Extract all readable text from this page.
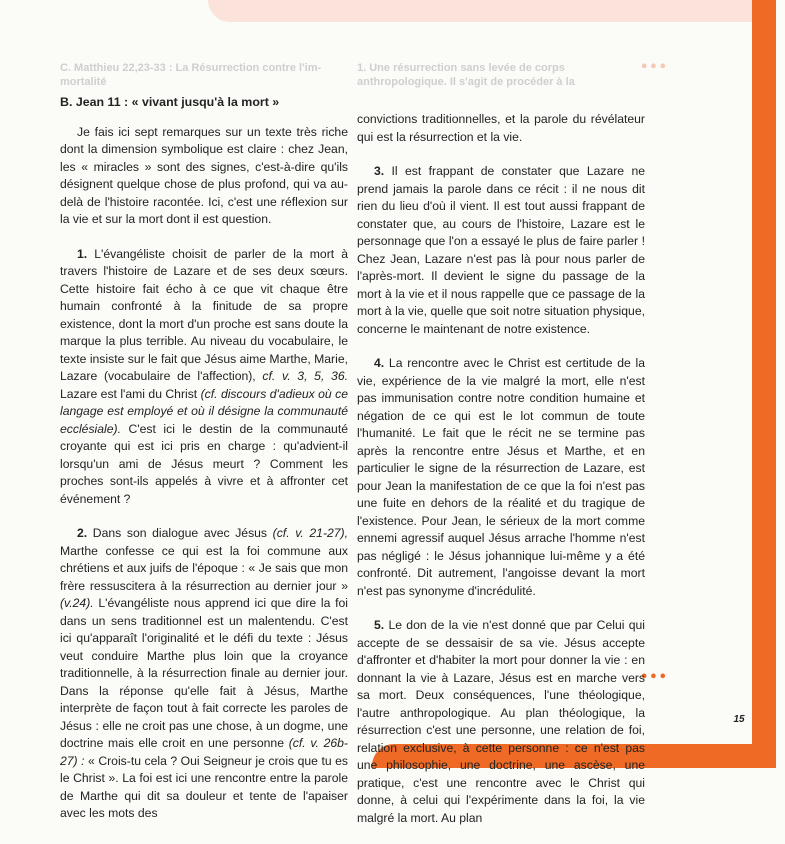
C. Matthieu 22,23-33 : La Résurrection contre l'im-
mortalité
1. Une résurrection sans levée de corps
anthropologique. Il s'agit de procéder à la
•••
•••
B. Jean 11 : « vivant jusqu'à la mort »

Je fais ici sept remarques sur un texte très riche dont la dimension symbolique est claire : chez Jean, les « miracles » sont des signes, c'est-à-dire qu'ils désignent quelque chose de plus profond, qui va au-delà de l'histoire racontée. Ici, c'est une réflexion sur la vie et sur la mort dont il est question.

1. L'évangéliste choisit de parler de la mort à travers l'histoire de Lazare et de ses deux sœurs. Cette histoire fait écho à ce que vit chaque être humain confronté à la finitude de sa propre existence, dont la mort d'un proche est sans doute la marque la plus terrible. Au niveau du vocabulaire, le texte insiste sur le fait que Jésus aime Marthe, Marie, Lazare (vocabulaire de l'affection), cf. v. 3, 5, 36. Lazare est l'ami du Christ (cf. discours d'adieux où ce langage est employé et où il désigne la communauté ecclésiale). C'est ici le destin de la communauté croyante qui est ici pris en charge : qu'advient-il lorsqu'un ami de Jésus meurt ? Comment les proches sont-ils appelés à vivre et à affronter cet événement ?

2. Dans son dialogue avec Jésus (cf. v. 21-27), Marthe confesse ce qui est la foi commune aux chrétiens et aux juifs de l'époque : « Je sais que mon frère ressuscitera à la résurrection au dernier jour » (v.24). L'évangéliste nous apprend ici que dire la foi dans un sens traditionnel est un malentendu. C'est ici qu'apparaît l'originalité et le défi du texte : Jésus veut conduire Marthe plus loin que la croyance traditionnelle, à la résurrection finale au dernier jour. Dans la réponse qu'elle fait à Jésus, Marthe interprète de façon tout à fait correcte les paroles de Jésus : elle ne croit pas une chose, à un dogme, une doctrine mais elle croit en une personne (cf. v. 26b-27) : « Crois-tu cela ? Oui Seigneur je crois que tu es le Christ ». La foi est ici une rencontre entre la parole de Marthe qui dit sa douleur et tente de l'apaiser avec les mots des

convictions traditionnelles, et la parole du révélateur qui est la résurrection et la vie.

3. Il est frappant de constater que Lazare ne prend jamais la parole dans ce récit : il ne nous dit rien du lieu d'où il vient. Il est tout aussi frappant de constater que, au cours de l'histoire, Lazare est le personnage que l'on a essayé le plus de faire parler ! Chez Jean, Lazare n'est pas là pour nous parler de l'après-mort. Il devient le signe du passage de la mort à la vie et il nous rappelle que ce passage de la mort à la vie, quelle que soit notre situation physique, concerne le maintenant de notre existence.

4. La rencontre avec le Christ est certitude de la vie, expérience de la vie malgré la mort, elle n'est pas immunisation contre notre condition humaine et négation de ce qui est le lot commun de toute l'humanité. Le fait que le récit ne se termine pas après la rencontre entre Jésus et Marthe, et en particulier le signe de la résurrection de Lazare, est pour Jean la manifestation de ce que la foi n'est pas une fuite en dehors de la réalité et du tragique de l'existence. Pour Jean, le sérieux de la mort comme ennemi agressif auquel Jésus arrache l'homme n'est pas négligé : le Jésus johannique lui-même y a été confronté. Dit autrement, l'angoisse devant la mort n'est pas synonyme d'incrédulité.

5. Le don de la vie n'est donné que par Celui qui accepte de se dessaisir de sa vie. Jésus accepte d'affronter et d'habiter la mort pour donner la vie : en donnant la vie à Lazare, Jésus est en marche vers sa mort. Deux conséquences, l'une théologique, l'autre anthropologique. Au plan théologique, la résurrection c'est une personne, une relation de foi, relation exclusive, à cette personne : ce n'est pas une philosophie, une doctrine, une ascèse, une pratique, c'est une rencontre avec le Christ qui donne, à celui qui l'expérimente dans la foi, la vie malgré la mort. Au plan

15
